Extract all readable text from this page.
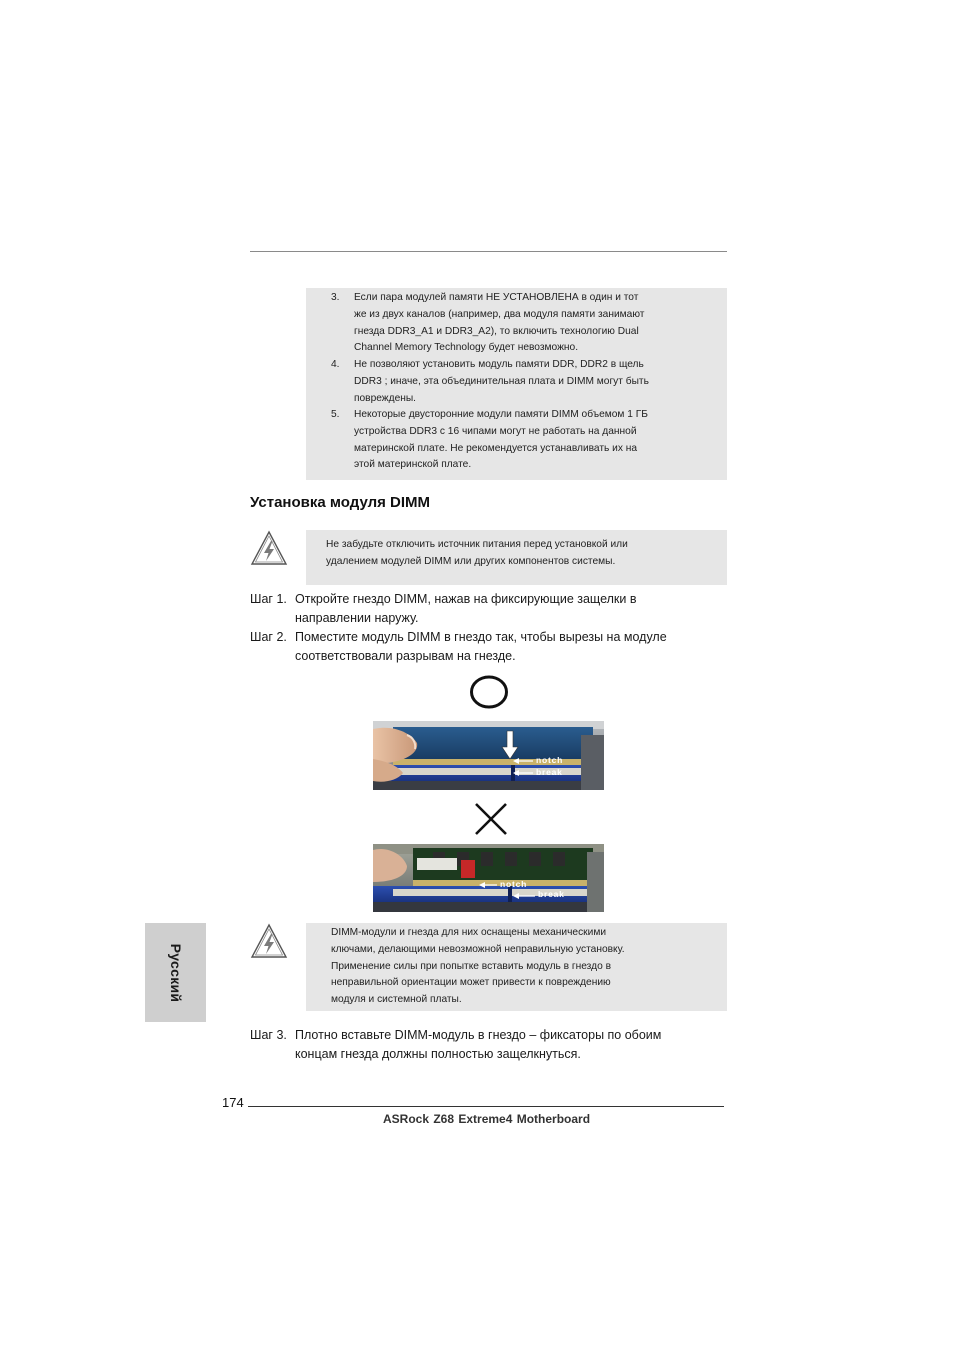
3.	Если пара модулей памяти НЕ УСТАНОВЛЕНА в один и тот
же из двух каналов (например, два модуля памяти занимают
гнезда DDR3_A1 и DDR3_A2), то включить технологию Dual
Channel Memory Technology будет невозможно.
4.	Не позволяют установить модуль памяти DDR, DDR2 в щель
DDR3 ; иначе, эта объединительная плата и DIMM могут быть
повреждены.
5.	Некоторые двусторонние модули памяти DIMM объемом 1 ГБ
устройства DDR3 с 16 чипами могут не работать на данной
материнской плате. Не рекомендуется устанавливать их на
этой материнской плате.
Установка модуля DIMM
Не забудьте отключить источник питания перед установкой или
удалением модулей DIMM или других компонентов системы.
Шаг 1. Откройте гнездо DIMM, нажав на фиксирующие защелки в
направлении наружу.
Шаг 2. Поместите модуль DIMM в гнездо так, чтобы вырезы на модуле
соответствовали разрывам на гнезде.
notch
break
notch
break
DIMM-модули и гнезда для них оснащены механическими
ключами, делающими невозможной неправильную установку.
Применение силы при попытке вставить модуль в гнездо в
неправильной ориентации может привести к повреждению
модуля и системной платы.
Русский
Шаг 3. Плотно вставьте DIMM-модуль в гнездо – фиксаторы по обоим
концам гнезда должны полностью защелкнуться.
174
ASRock Z68 Extreme4 Motherboard
